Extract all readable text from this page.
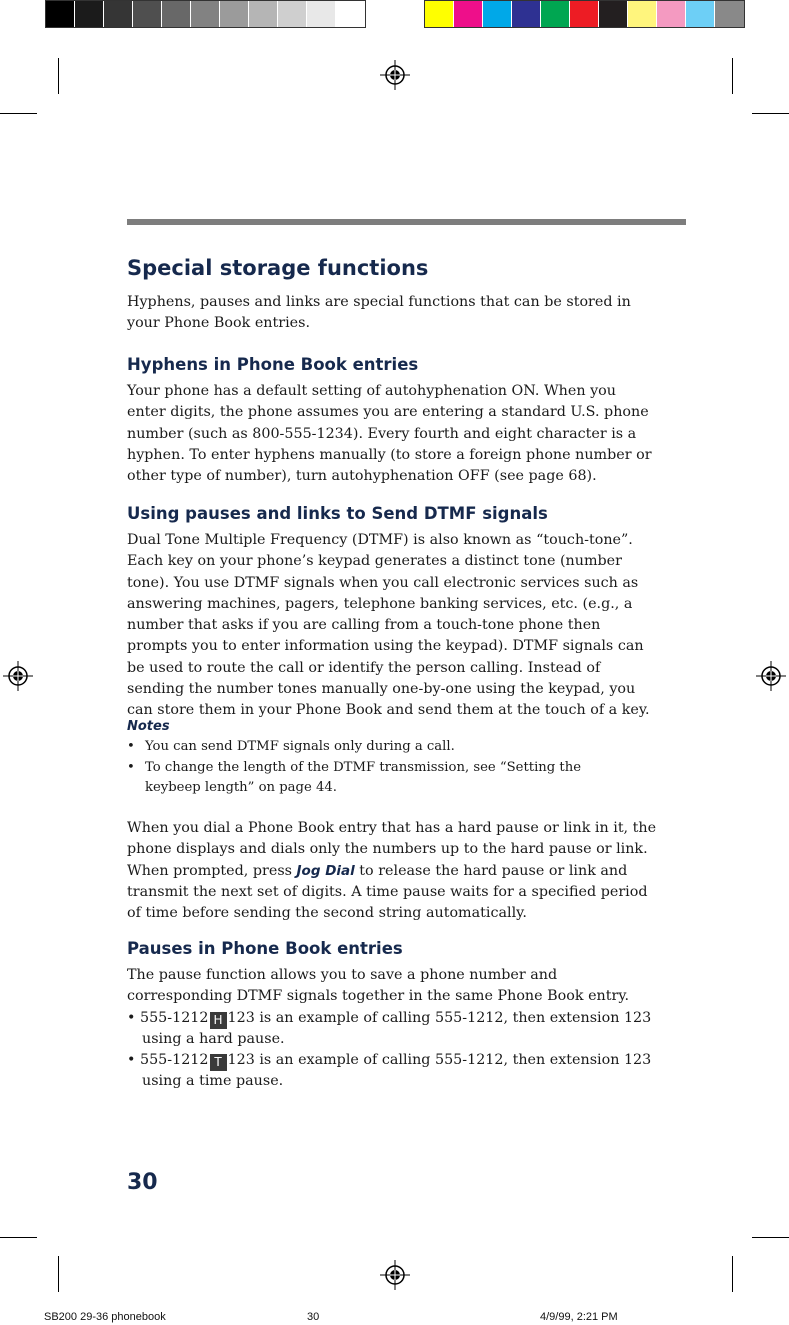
Special storage functions
Hyphens, pauses and links are special functions that can be stored in
your Phone Book entries.
Hyphens in Phone Book entries
Your phone has a default setting of autohyphenation ON. When you
enter digits, the phone assumes you are entering a standard U.S. phone
number (such as 800-555-1234). Every fourth and eight character is a
hyphen. To enter hyphens manually (to store a foreign phone number or
other type of number), turn autohyphenation OFF (see page 68).
Using pauses and links to Send DTMF signals
Dual Tone Multiple Frequency (DTMF) is also known as “touch-tone”.
Each key on your phone’s keypad generates a distinct tone (number
tone). You use DTMF signals when you call electronic services such as
answering machines, pagers, telephone banking services, etc. (e.g., a
number that asks if you are calling from a touch-tone phone then
prompts you to enter information using the keypad). DTMF signals can
be used to route the call or identify the person calling. Instead of
sending the number tones manually one-by-one using the keypad, you
can store them in your Phone Book and send them at the touch of a key.
Notes
• You can send DTMF signals only during a call.
• To change the length of the DTMF transmission, see “Setting the
keybeep length” on page 44.
When you dial a Phone Book entry that has a hard pause or link in it, the
phone displays and dials only the numbers up to the hard pause or link.
When prompted, press Jog Dial to release the hard pause or link and
transmit the next set of digits. A time pause waits for a specified period
of time before sending the second string automatically.
Pauses in Phone Book entries
The pause function allows you to save a phone number and
corresponding DTMF signals together in the same Phone Book entry.
• 555-1212 H 123 is an example of calling 555-1212, then extension 123
using a hard pause.
• 555-1212 T 123 is an example of calling 555-1212, then extension 123
using a time pause.
30
SB200 29-36 phonebook	30	4/9/99, 2:21 PM
